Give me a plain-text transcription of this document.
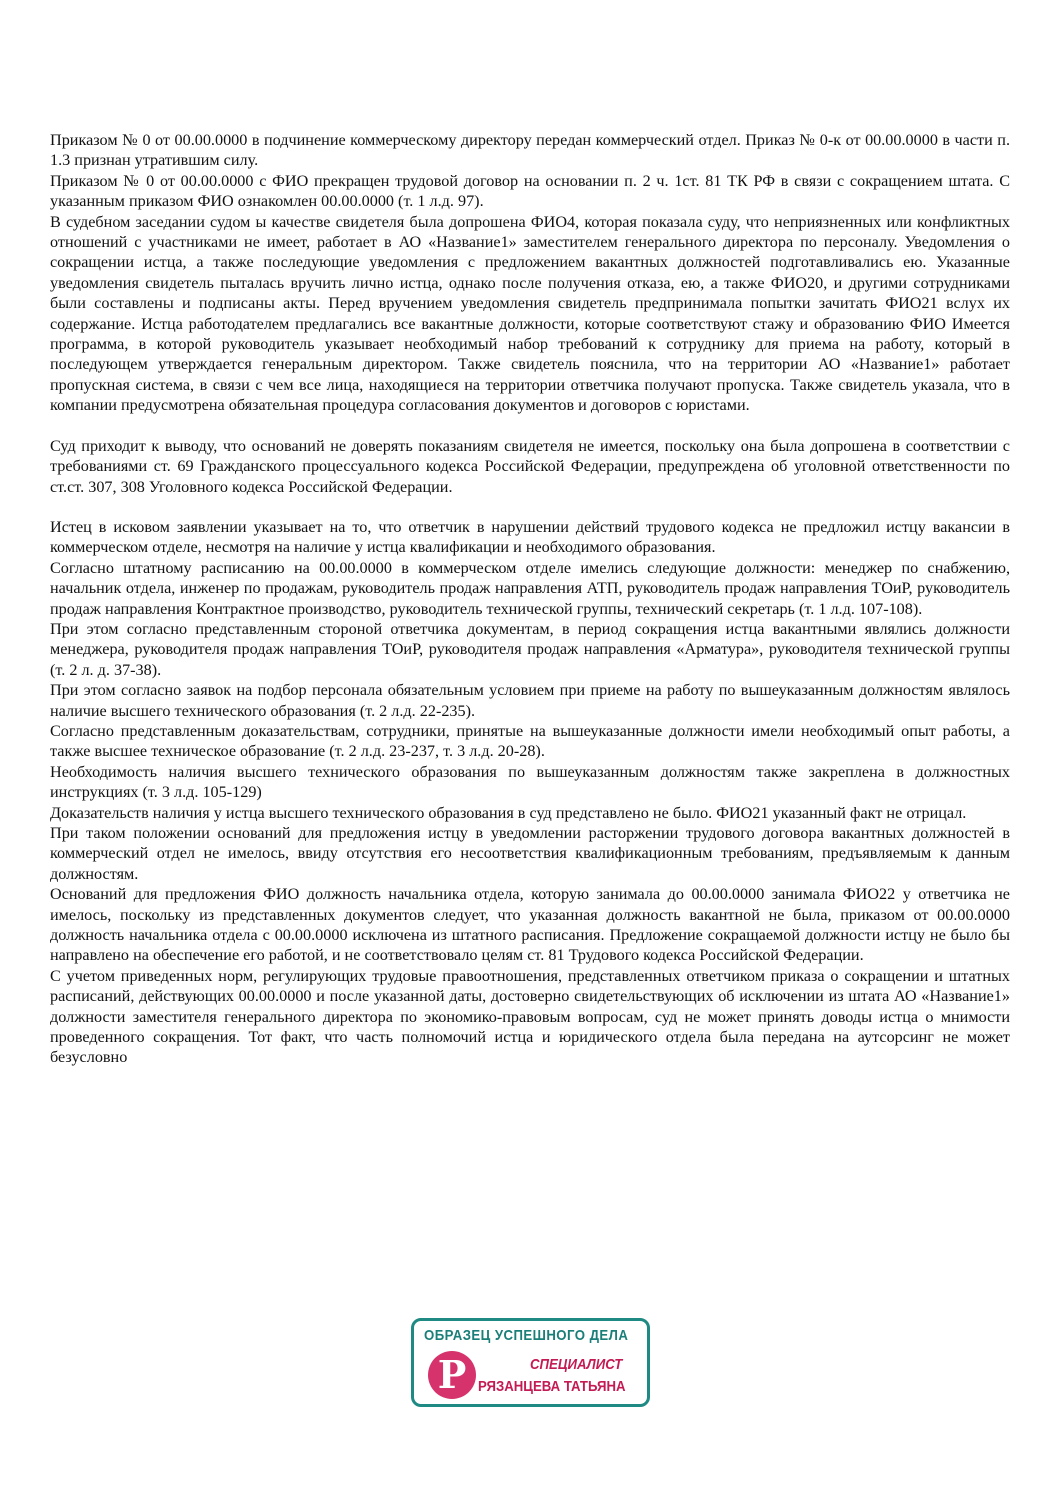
Приказом № 0 от 00.00.0000 в подчинение коммерческому директору передан коммерческий отдел. Приказ № 0-к от 00.00.0000 в части п. 1.3 признан утратившим силу.

Приказом № 0 от 00.00.0000 с ФИО прекращен трудовой договор на основании п. 2 ч. 1ст. 81 ТК РФ в связи с сокращением штата. С указанным приказом ФИО ознакомлен 00.00.0000 (т. 1 л.д. 97).

В судебном заседании судом ы качестве свидетеля была допрошена ФИО4, которая показала суду, что неприязненных или конфликтных отношений с участниками не имеет, работает в АО «Название1» заместителем генерального директора по персоналу. Уведомления о сокращении истца, а также последующие уведомления с предложением вакантных должностей подготавливались ею. Указанные уведомления свидетель пыталась вручить лично истца, однако после получения отказа, ею, а также ФИО20, и другими сотрудниками были составлены и подписаны акты. Перед вручением уведомления свидетель предпринимала попытки зачитать ФИО21 вслух их содержание. Истца работодателем предлагались все вакантные должности, которые соответствуют стажу и образованию ФИО Имеется программа, в которой руководитель указывает необходимый набор требований к сотруднику для приема на работу, который в последующем утверждается генеральным директором. Также свидетель пояснила, что на территории АО «Название1» работает пропускная система, в связи с чем все лица, находящиеся на территории ответчика получают пропуска. Также свидетель указала, что в компании предусмотрена обязательная процедура согласования документов и договоров с юристами.

Суд приходит к выводу, что оснований не доверять показаниям свидетеля не имеется, поскольку она была допрошена в соответствии с требованиями ст. 69 Гражданского процессуального кодекса Российской Федерации, предупреждена об уголовной ответственности по ст.ст. 307, 308 Уголовного кодекса Российской Федерации.

Истец в исковом заявлении указывает на то, что ответчик в нарушении действий трудового кодекса не предложил истцу вакансии в коммерческом отделе, несмотря на наличие у истца квалификации и необходимого образования.

Согласно штатному расписанию на 00.00.0000 в коммерческом отделе имелись следующие должности: менеджер по снабжению, начальник отдела, инженер по продажам, руководитель продаж направления АТП, руководитель продаж направления ТОиР, руководитель продаж направления Контрактное производство, руководитель технической группы, технический секретарь (т. 1 л.д. 107-108).

При этом согласно представленным стороной ответчика документам, в период сокращения истца вакантными являлись должности менеджера, руководителя продаж направления ТОиР, руководителя продаж направления «Арматура», руководителя технической группы (т. 2 л. д. 37-38).

При этом согласно заявок на подбор персонала обязательным условием при приеме на работу по вышеуказанным должностям являлось наличие высшего технического образования (т. 2 л.д. 22-235).

Согласно представленным доказательствам, сотрудники, принятые на вышеуказанные должности имели необходимый опыт работы, а также высшее техническое образование (т. 2 л.д. 23-237, т. 3 л.д. 20-28).

Необходимость наличия высшего технического образования по вышеуказанным должностям также закреплена в должностных инструкциях (т. 3 л.д. 105-129)

Доказательств наличия у истца высшего технического образования в суд представлено не было. ФИО21 указанный факт не отрицал.

При таком положении оснований для предложения истцу в уведомлении расторжении трудового договора вакантных должностей в коммерческий отдел не имелось, ввиду отсутствия его несоответствия квалификационным требованиям, предъявляемым к данным должностям.

Оснований для предложения ФИО должность начальника отдела, которую занимала до 00.00.0000 занимала ФИО22 у ответчика не имелось, поскольку из представленных документов следует, что указанная должность вакантной не была, приказом от 00.00.0000 должность начальника отдела с 00.00.0000 исключена из штатного расписания. Предложение сокращаемой должности истцу не было бы направлено на обеспечение его работой, и не соответствовало целям ст. 81 Трудового кодекса Российской Федерации.

С учетом приведенных норм, регулирующих трудовые правоотношения, представленных ответчиком приказа о сокращении и штатных расписаний, действующих 00.00.0000 и после указанной даты, достоверно свидетельствующих об исключении из штата АО «Название1» должности заместителя генерального директора по экономико-правовым вопросам, суд не может принять доводы истца о мнимости проведенного сокращения. Тот факт, что часть полномочий истца и юридического отдела была передана на аутсорсинг не может безусловно

ОБРАЗЕЦ УСПЕШНОГО ДЕЛА
P	СПЕЦИАЛИСТ
РЯЗАНЦЕВА ТАТЬЯНА
